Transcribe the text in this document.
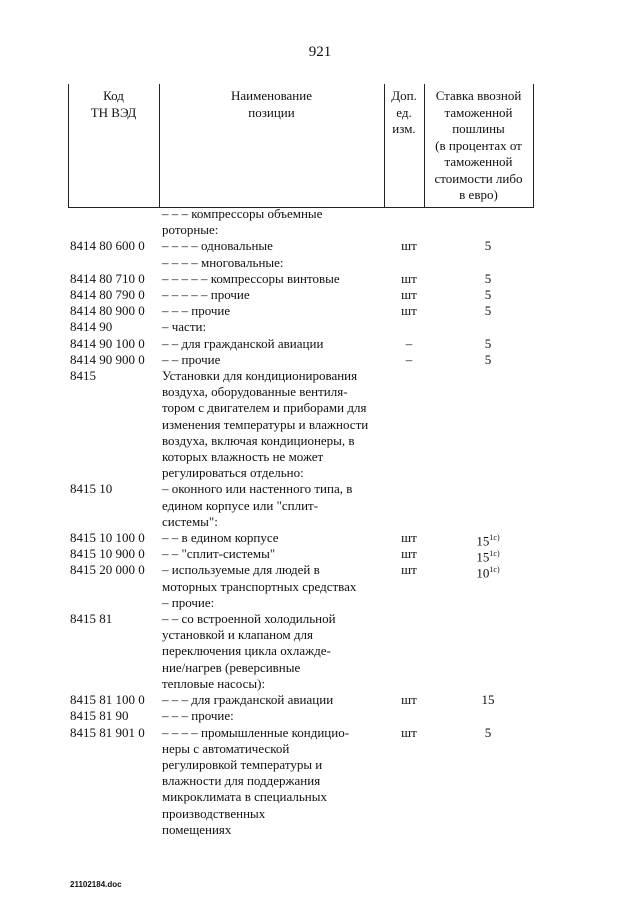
921
Код
ТН ВЭД
Наименование
позиции
Доп.
ед.
изм.
Ставка ввозной
таможенной
пошлины
(в процентах от
таможенной
стоимости либо
в евро)
– – – компрессоры объемные
роторные:
8414 80 600 0 – – – – одновальные	шт	5
– – – – многовальные:
8414 80 710 0 – – – – – компрессоры винтовые	шт	5
8414 80 790 0 – – – – – прочие	шт	5
8414 80 900 0 – – – прочие	шт	5
8414 90	– части:
8414 90 100 0 – – для гражданской авиации	–	5
8414 90 900 0 – – прочие	–	5
8415	Установки для кондиционирования
воздуха, оборудованные вентиля-
тором с двигателем и приборами для
изменения температуры и влажности
воздуха, включая кондиционеры, в
которых влажность не может
регулироваться отдельно:
8415 10	– оконного или настенного типа, в
едином корпусе или "сплит-
системы":
8415 10 100 0 – – в едином корпусе	шт	$15^{1с)}$
8415 10 900 0 – – "сплит-системы"	шт	$15^{1с)}$
8415 20 000 0 – используемые для людей в
моторных транспортных средствах
шт	$10^{1с)}$
– прочие:
8415 81	– – со встроенной холодильной
установкой и клапаном для
переключения цикла охлажде-
ние/нагрев (реверсивные
тепловые насосы):
8415 81 100 0 – – – для гражданской авиации	шт	15
8415 81 90	– – – прочие:
8415 81 901 0 – – – – промышленные кондицио-
неры с автоматической
регулировкой температуры и
влажности для поддержания
микроклимата в специальных
производственных
помещениях
шт	5
21102184.doc
